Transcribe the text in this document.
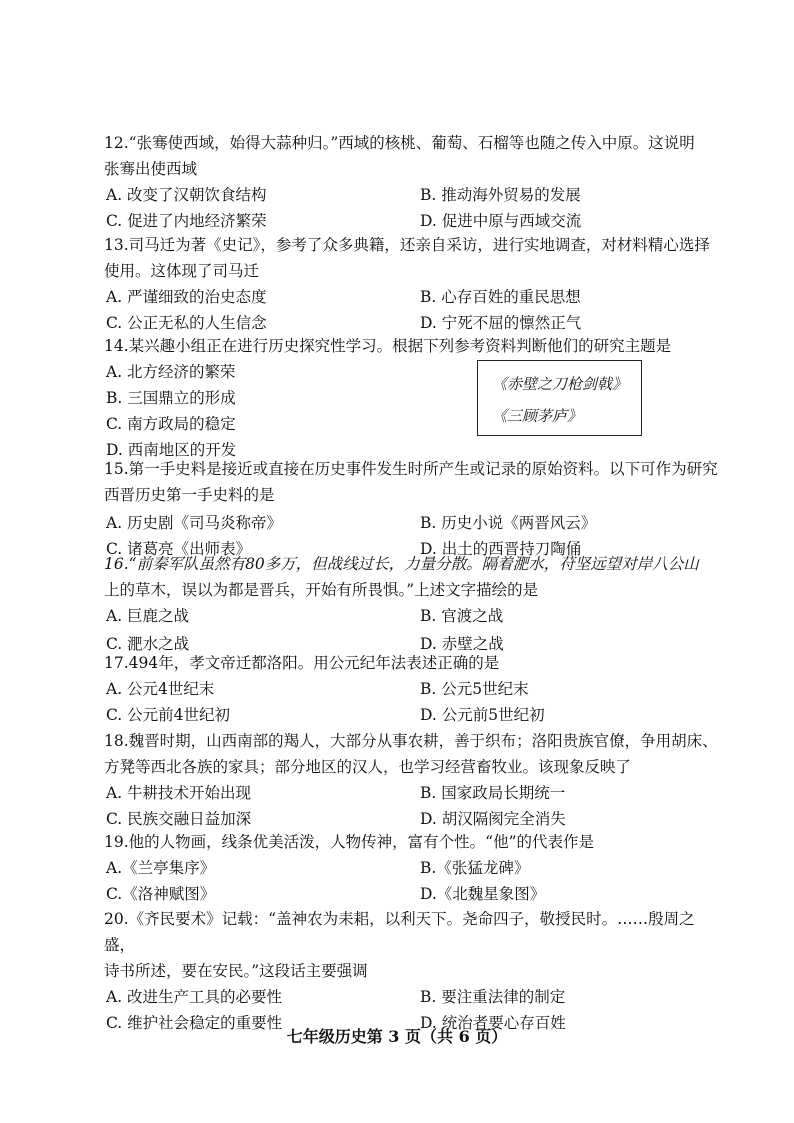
12.“张骞使西域，始得大蒜种归。”西域的核桃、葡萄、石榴等也随之传入中原。这说明

张骞出使西域

A. 改变了汉朝饮食结构	B. 推动海外贸易的发展
C. 促进了内地经济繁荣	D. 促进中原与西域交流

13.司马迁为著《史记》，参考了众多典籍，还亲自采访，进行实地调查，对材料精心选择

使用。这体现了司马迁

A. 严谨细致的治史态度	B. 心存百姓的重民思想
C. 公正无私的人生信念	D. 宁死不屈的懔然正气

14.某兴趣小组正在进行历史探究性学习。根据下列参考资料判断他们的研究主题是

A. 北方经济的繁荣
B. 三国鼎立的形成
C. 南方政局的稳定
D. 西南地区的开发
《赤壁之刀枪剑戟》
《三顾茅庐》

15.第一手史料是接近或直接在历史事件发生时所产生或记录的原始资料。以下可作为研究

西晋历史第一手史料的是

A. 历史剧《司马炎称帝》	B. 历史小说《两晋风云》
C. 诸葛亮《出师表》	D. 出土的西晋持刀陶俑

16.“前秦军队虽然有80多万，但战线过长，力量分散。隔着淝水，苻坚远望对岸八公山

上的草木，误以为都是晋兵，开始有所畏惧。”上述文字描绘的是

A. 巨鹿之战	B. 官渡之战
C. 淝水之战	D. 赤壁之战

17.494年，孝文帝迁都洛阳。用公元纪年法表述正确的是

A. 公元4世纪末	B. 公元5世纪末
C. 公元前4世纪初	D. 公元前5世纪初

18.魏晋时期，山西南部的羯人，大部分从事农耕，善于织布；洛阳贵族官僚，争用胡床、

方凳等西北各族的家具；部分地区的汉人，也学习经营畜牧业。该现象反映了

A. 牛耕技术开始出现	B. 国家政局长期统一
C. 民族交融日益加深	D. 胡汉隔阂完全消失

19.他的人物画，线条优美活泼，人物传神，富有个性。“他”的代表作是

A.《兰亭集序》	B.《张猛龙碑》
C.《洛神赋图》	D.《北魏星象图》

20.《齐民要术》记载：“盖神农为耒耜，以利天下。尧命四子，敬授民时。……殷周之盛，

诗书所述，要在安民。”这段话主要强调

A. 改进生产工具的必要性	B. 要注重法律的制定
C. 维护社会稳定的重要性	D. 统治者要心存百姓
七年级历史第 3 页（共 6 页）
